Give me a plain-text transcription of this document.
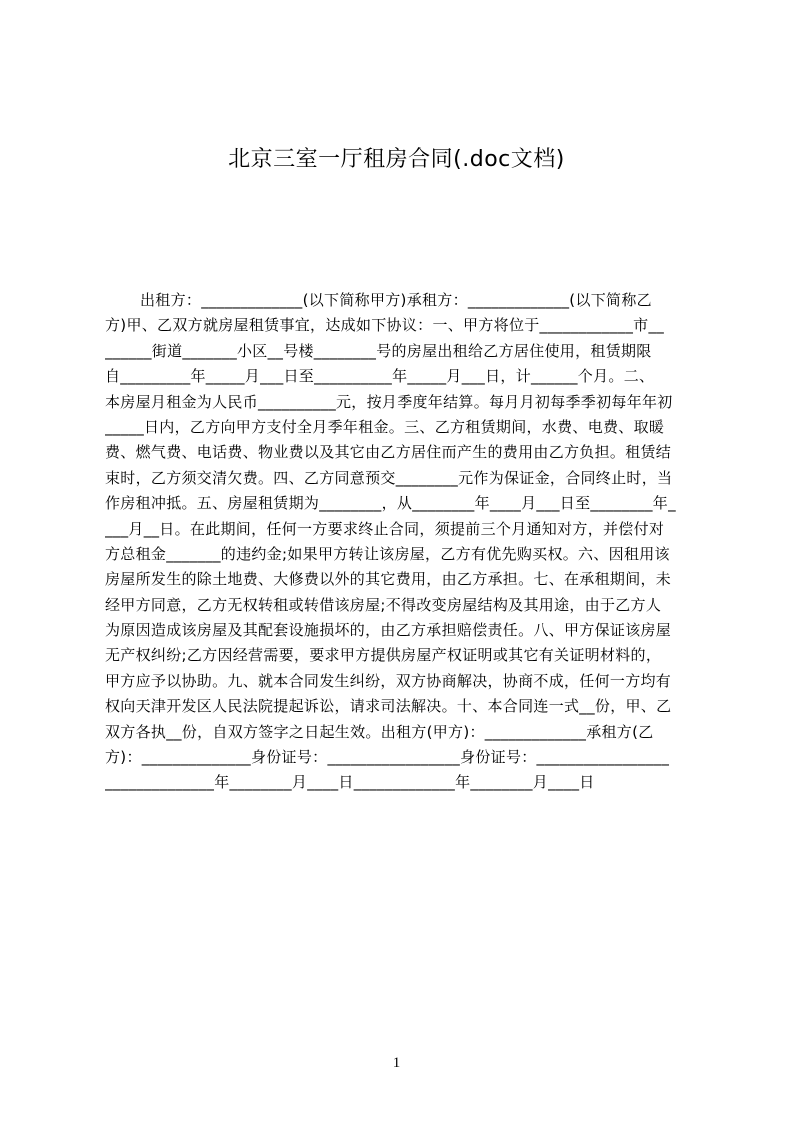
北京三室一厅租房合同(.doc文档)
出租方：_____________(以下简称甲方)承租方：_____________(以下简称乙
方)甲、乙双方就房屋租赁事宜，达成如下协议：一、甲方将位于____________市__
______街道_______小区__号楼________号的房屋出租给乙方居住使用，租赁期限
自_________年_____月___日至__________年_____月___日，计______个月。二、
本房屋月租金为人民币__________元，按月季度年结算。每月月初每季季初每年年初
_____日内，乙方向甲方支付全月季年租金。三、乙方租赁期间，水费、电费、取暖
费、燃气费、电话费、物业费以及其它由乙方居住而产生的费用由乙方负担。租赁结
束时，乙方须交清欠费。四、乙方同意预交________元作为保证金，合同终止时，当
作房租冲抵。五、房屋租赁期为________，从________年____月___日至________年_
___月__日。在此期间，任何一方要求终止合同，须提前三个月通知对方，并偿付对
方总租金_______的违约金;如果甲方转让该房屋，乙方有优先购买权。六、因租用该
房屋所发生的除土地费、大修费以外的其它费用，由乙方承担。七、在承租期间，未
经甲方同意，乙方无权转租或转借该房屋;不得改变房屋结构及其用途，由于乙方人
为原因造成该房屋及其配套设施损坏的，由乙方承担赔偿责任。八、甲方保证该房屋
无产权纠纷;乙方因经营需要，要求甲方提供房屋产权证明或其它有关证明材料的，
甲方应予以协助。九、就本合同发生纠纷，双方协商解决，协商不成，任何一方均有
权向天津开发区人民法院提起诉讼，请求司法解决。十、本合同连一式__份，甲、乙
双方各执__份，自双方签字之日起生效。出租方(甲方)：_____________承租方(乙
方)：______________身份证号：_________________身份证号：_________________
______________年________月____日_____________年________月____日
1
